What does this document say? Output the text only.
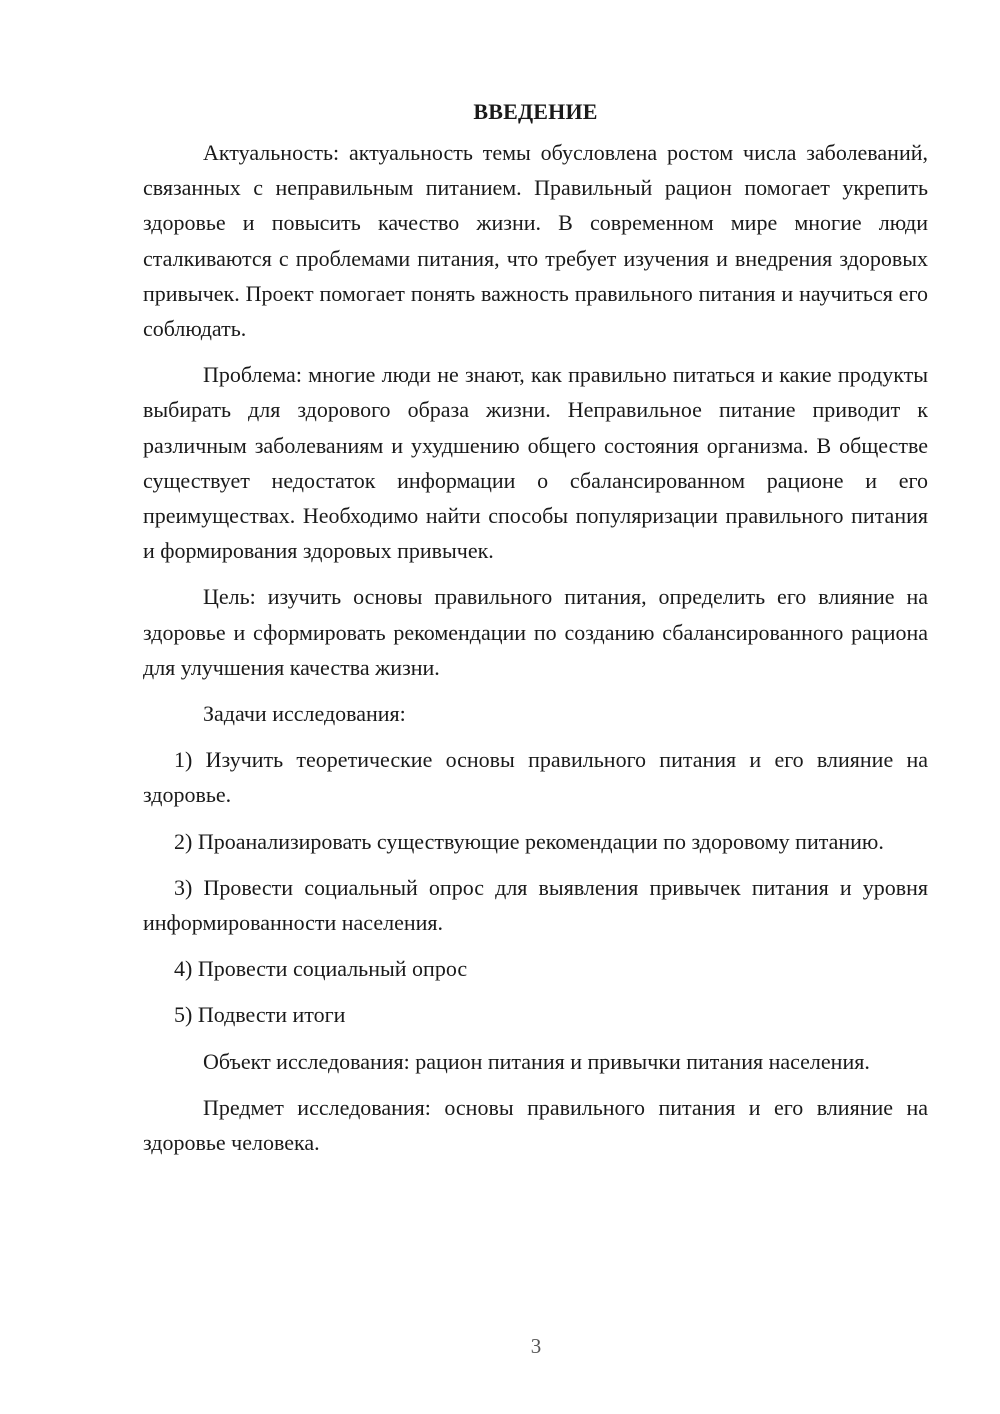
ВВЕДЕНИЕ

Актуальность: актуальность темы обусловлена ростом числа заболеваний, связанных с неправильным питанием. Правильный рацион помогает укрепить здоровье и повысить качество жизни. В современном мире многие люди сталкиваются с проблемами питания, что требует изучения и внедрения здоровых привычек. Проект помогает понять важность правильного питания и научиться его соблюдать.

Проблема: многие люди не знают, как правильно питаться и какие продукты выбирать для здорового образа жизни. Неправильное питание приводит к различным заболеваниям и ухудшению общего состояния организма. В обществе существует недостаток информации о сбалансированном рационе и его преимуществах. Необходимо найти способы популяризации правильного питания и формирования здоровых привычек.

Цель: изучить основы правильного питания, определить его влияние на здоровье и сформировать рекомендации по созданию сбалансированного рациона для улучшения качества жизни.

Задачи исследования:

1) Изучить теоретические основы правильного питания и его влияние на здоровье.

2) Проанализировать существующие рекомендации по здоровому питанию.

3) Провести социальный опрос для выявления привычек питания и уровня информированности населения.

4) Провести социальный опрос

5) Подвести итоги

Объект исследования: рацион питания и привычки питания населения.

Предмет исследования: основы правильного питания и его влияние на здоровье человека.

3
